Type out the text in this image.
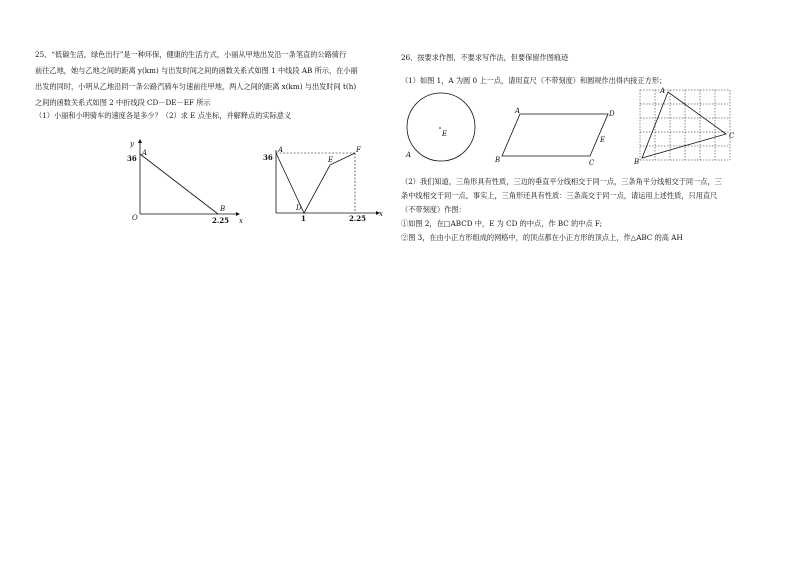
25、“低碳生活，绿色出行”是一种环保，健康的生活方式，小丽从甲地出发沿一条笔直的公路骑行
前往乙地，她与乙地之间的距离 y(km) 与出发时间之间的函数关系式如图 1 中线段 AB 所示，在小丽
出发的同时，小明从乙地沿同一条公路汽骑车匀速前往甲地，两人之间的距离 x(km) 与出发时间 t(h)
之间的函数关系式如图 2 中折线段 CD－DE－EF 所示
（1）小丽和小明骑车的速度各是多少？（2）求 E 点坐标，并解释点的实际意义
y
x
O
A
B
36
2.25
x
A
D
E
F
36
1	2.25
26、按要求作图，不要求写作法，但要保留作图痕迹
（1）如图 1，A 为圆 0 上一点，请用直尺（不带刻度）和圆规作出得内接正方形；
E
A
A	D
B	C
E
A
B
C
（2）我们知道，三角形具有性质，三边的垂直平分线相交于同一点，三条角平分线相交于同一点，三
条中线相交于同一点，事实上，三角形还具有性质：三条高交于同一点，请运用上述性质，只用直尺
（不带刻度）作图：
①如图 2，在□ABCD 中，E 为 CD 的中点，作 BC 的中点 F;
②图 3，在由小正方形组成的网格中，的顶点都在小正方形的顶点上，作△ABC 的高 AH
